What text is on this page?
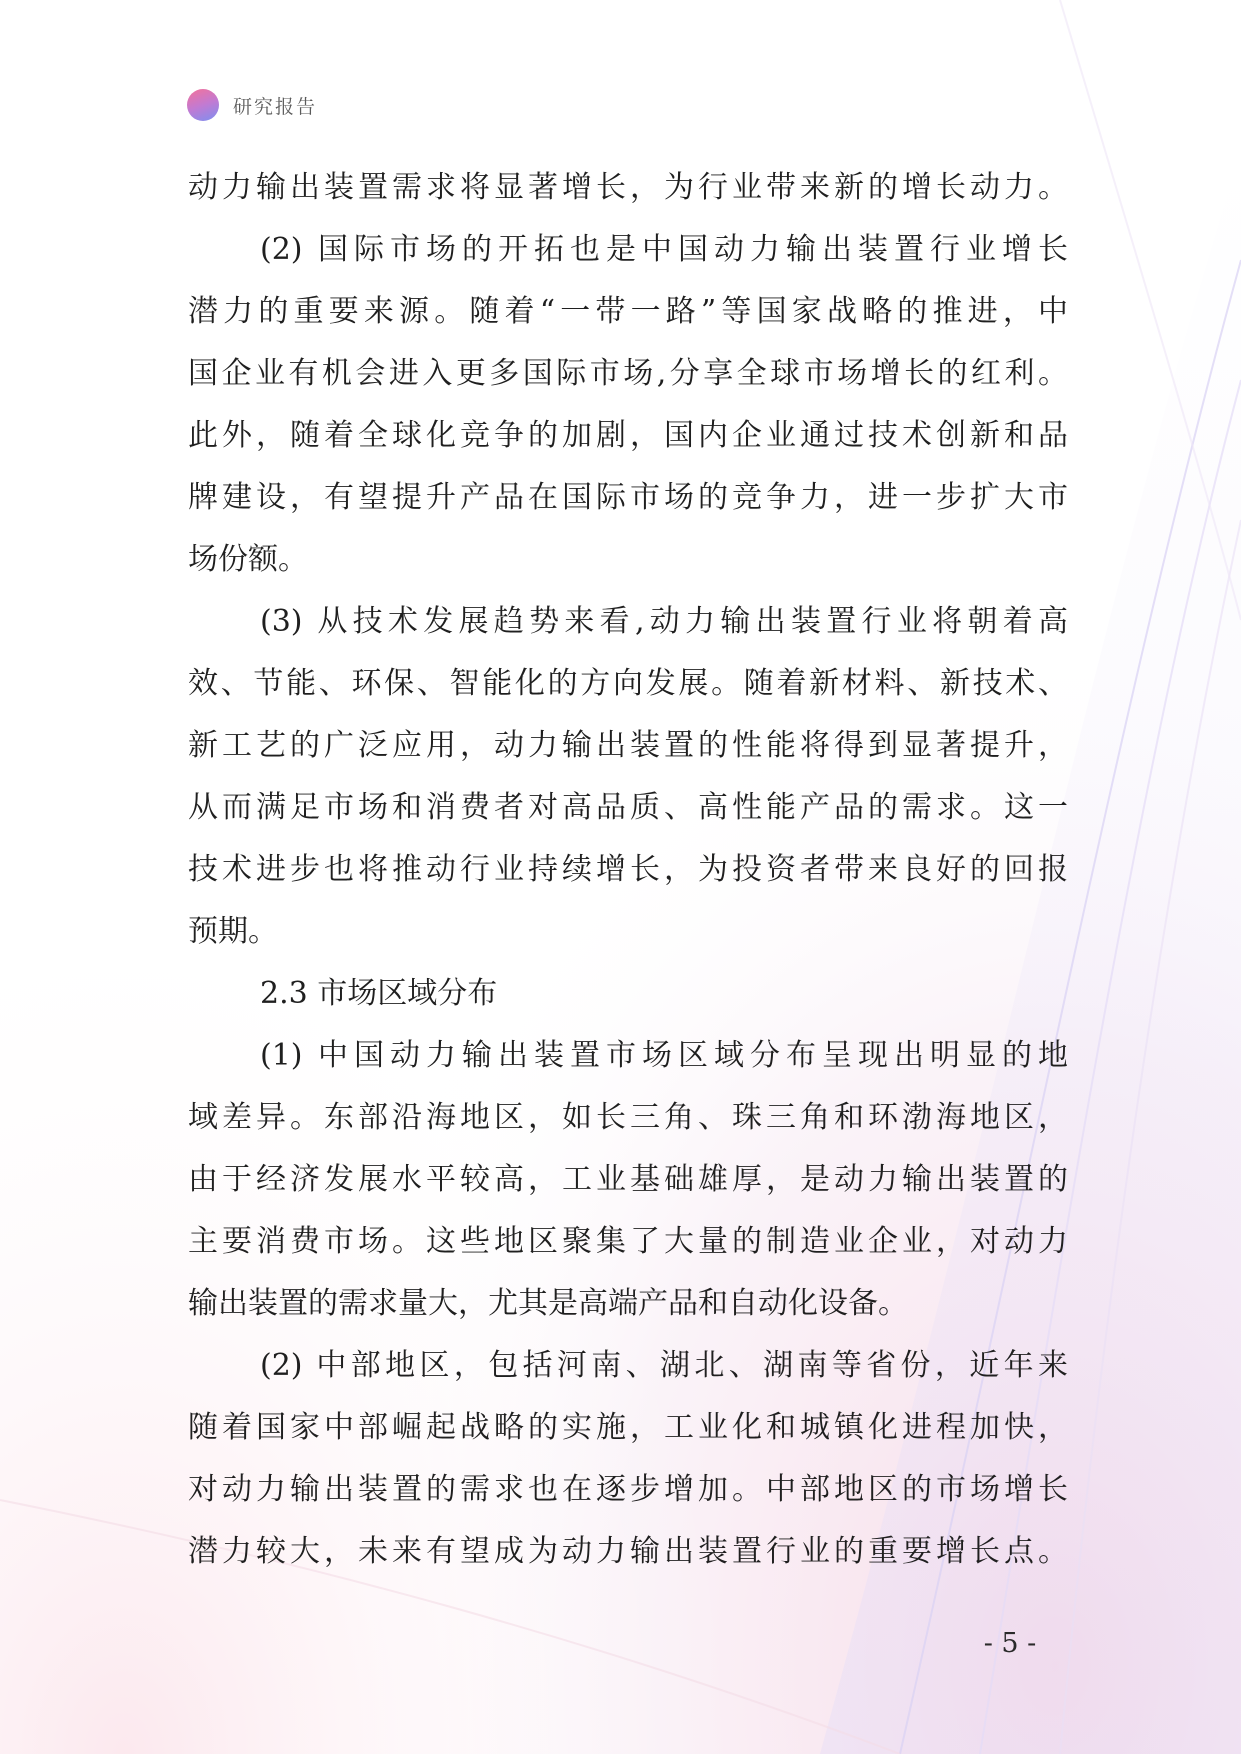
研究报告
动力输出装置需求将显著增长，为行业带来新的增长动力。
(2) 国际市场的开拓也是中国动力输出装置行业增长
潜力的重要来源。随着“一带一路”等国家战略的推进，中
国企业有机会进入更多国际市场,分享全球市场增长的红利。
此外，随着全球化竞争的加剧，国内企业通过技术创新和品
牌建设，有望提升产品在国际市场的竞争力，进一步扩大市
场份额。
(3) 从技术发展趋势来看,动力输出装置行业将朝着高
效、节能、环保、智能化的方向发展。随着新材料、新技术、
新工艺的广泛应用，动力输出装置的性能将得到显著提升，
从而满足市场和消费者对高品质、高性能产品的需求。这一
技术进步也将推动行业持续增长，为投资者带来良好的回报
预期。
2.3 市场区域分布
(1) 中国动力输出装置市场区域分布呈现出明显的地
域差异。东部沿海地区，如长三角、珠三角和环渤海地区，
由于经济发展水平较高，工业基础雄厚，是动力输出装置的
主要消费市场。这些地区聚集了大量的制造业企业，对动力
输出装置的需求量大，尤其是高端产品和自动化设备。
(2) 中部地区，包括河南、湖北、湖南等省份，近年来
随着国家中部崛起战略的实施，工业化和城镇化进程加快，
对动力输出装置的需求也在逐步增加。中部地区的市场增长
潜力较大，未来有望成为动力输出装置行业的重要增长点。
- 5 -
